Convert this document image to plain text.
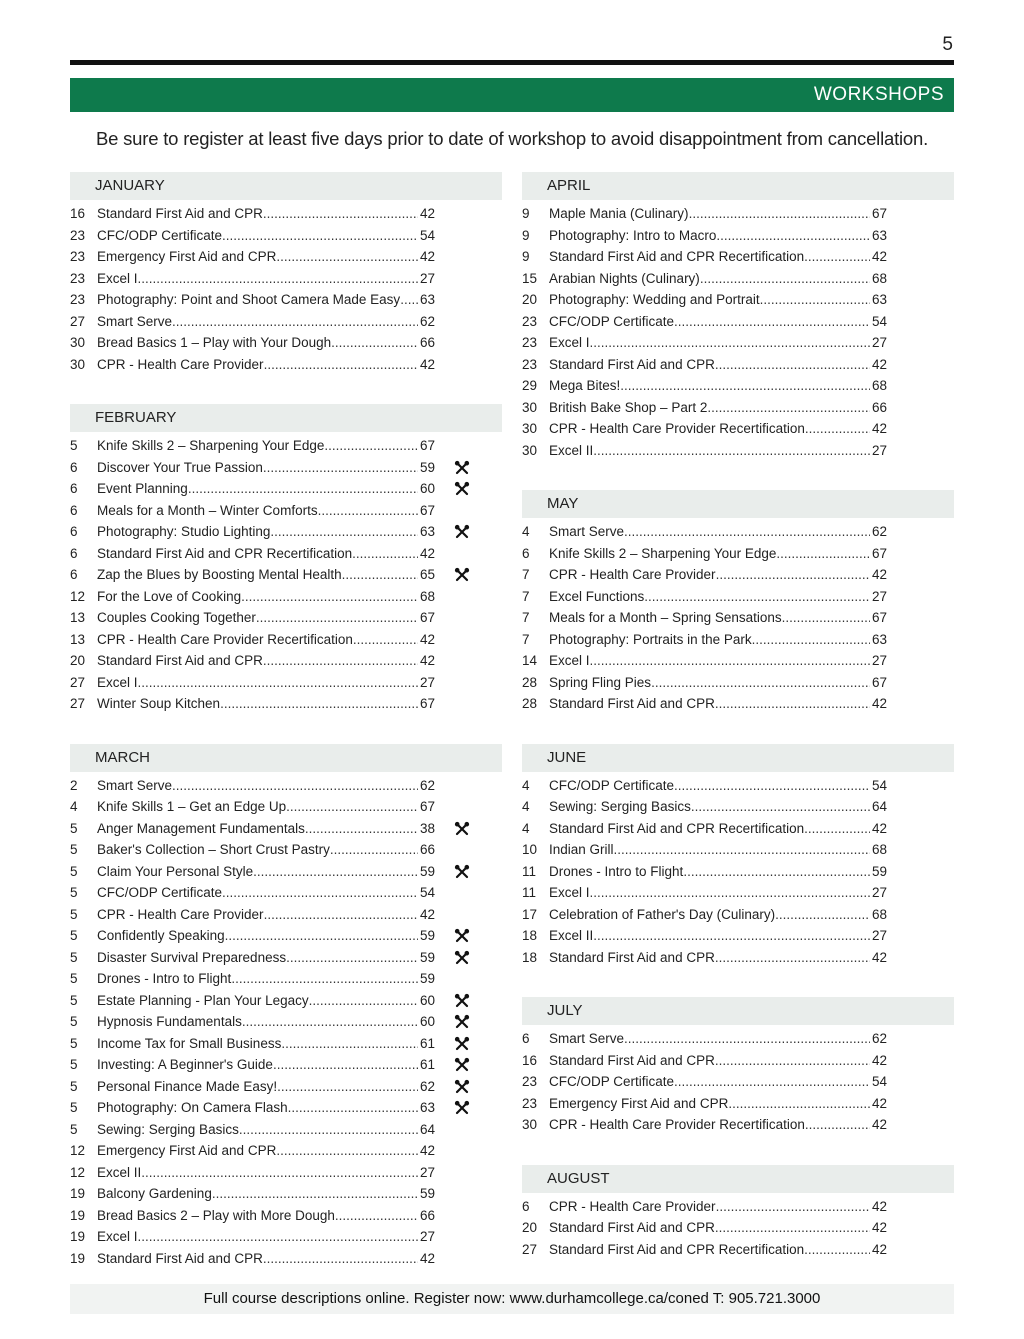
5
WORKSHOPS
Be sure to register at least five days prior to date of workshop to avoid disappointment from cancellation.
JANUARY
16 Standard First Aid and CPR .....	42
23 CFC/ODP Certificate .....	54
23 Emergency First Aid and CPR .....	42
23 Excel I .....	27
23 Photography: Point and Shoot Camera Made Easy ..... 63
27 Smart Serve .....	62
30 Bread Basics 1 – Play with Your Dough .....	66
30 CPR - Health Care Provider .....	42
FEBRUARY
5	Knife Skills 2 – Sharpening Your Edge .....	67
6	Discover Your True Passion .....	59
6	Event Planning .....	60
6	Meals for a Month – Winter Comforts .....	67
6	Photography: Studio Lighting .....	63
6	Standard First Aid and CPR Recertification .....	42
6	Zap the Blues by Boosting Mental Health .....	65
12 For the Love of Cooking .....	68
13 Couples Cooking Together .....	67
13 CPR - Health Care Provider Recertification .....	42
20 Standard First Aid and CPR .....	42
27 Excel I .....	27
27 Winter Soup Kitchen .....	67
MARCH
2	Smart Serve .....	62
4	Knife Skills 1 – Get an Edge Up .....	67
5	Anger Management Fundamentals .....	38
5	Baker's Collection – Short Crust Pastry .....	66
5	Claim Your Personal Style .....	59
5	CFC/ODP Certificate .....	54
5	CPR - Health Care Provider .....	42
5	Confidently Speaking .....	59
5	Disaster Survival Preparedness .....	59
5	Drones - Intro to Flight .....	59
5	Estate Planning - Plan Your Legacy .....	60
5	Hypnosis Fundamentals .....	60
5	Income Tax for Small Business .....	61
5	Investing: A Beginner's Guide .....	61
5	Personal Finance Made Easy! .....	62
5	Photography: On Camera Flash .....	63
5	Sewing: Serging Basics .....	64
12 Emergency First Aid and CPR .....	42
12 Excel II .....	27
19 Balcony Gardening .....	59
19 Bread Basics 2 – Play with More Dough .....	66
19 Excel I .....	27
19 Standard First Aid and CPR .....	42
APRIL
9	Maple Mania (Culinary) .....	67
9	Photography: Intro to Macro .....	63
9	Standard First Aid and CPR Recertification .....	42
15 Arabian Nights (Culinary) .....	68
20 Photography: Wedding and Portrait .....	63
23 CFC/ODP Certificate .....	54
23 Excel I .....	27
23 Standard First Aid and CPR .....	42
29 Mega Bites! .....	68
30 British Bake Shop – Part 2 .....	66
30 CPR - Health Care Provider Recertification .....	42
30 Excel II .....	27
MAY
4	Smart Serve .....	62
6	Knife Skills 2 – Sharpening Your Edge .....	67
7	CPR - Health Care Provider .....	42
7	Excel Functions .....	27
7	Meals for a Month – Spring Sensations .....	67
7	Photography: Portraits in the Park .....	63
14 Excel I .....	27
28 Spring Fling Pies .....	67
28 Standard First Aid and CPR .....	42
JUNE
4	CFC/ODP Certificate .....	54
4	Sewing: Serging Basics .....	64
4	Standard First Aid and CPR Recertification .....	42
10 Indian Grill .....	68
11 Drones - Intro to Flight .....	59
11 Excel I .....	27
17 Celebration of Father's Day (Culinary) .....	68
18 Excel II .....	27
18 Standard First Aid and CPR .....	42
JULY
6	Smart Serve .....	62
16 Standard First Aid and CPR .....	42
23 CFC/ODP Certificate .....	54
23 Emergency First Aid and CPR .....	42
30 CPR - Health Care Provider Recertification .....	42
AUGUST
6	CPR - Health Care Provider .....	42
20 Standard First Aid and CPR .....	42
27 Standard First Aid and CPR Recertification .....	42
Full course descriptions online. Register now: www.durhamcollege.ca/coned T: 905.721.3000
